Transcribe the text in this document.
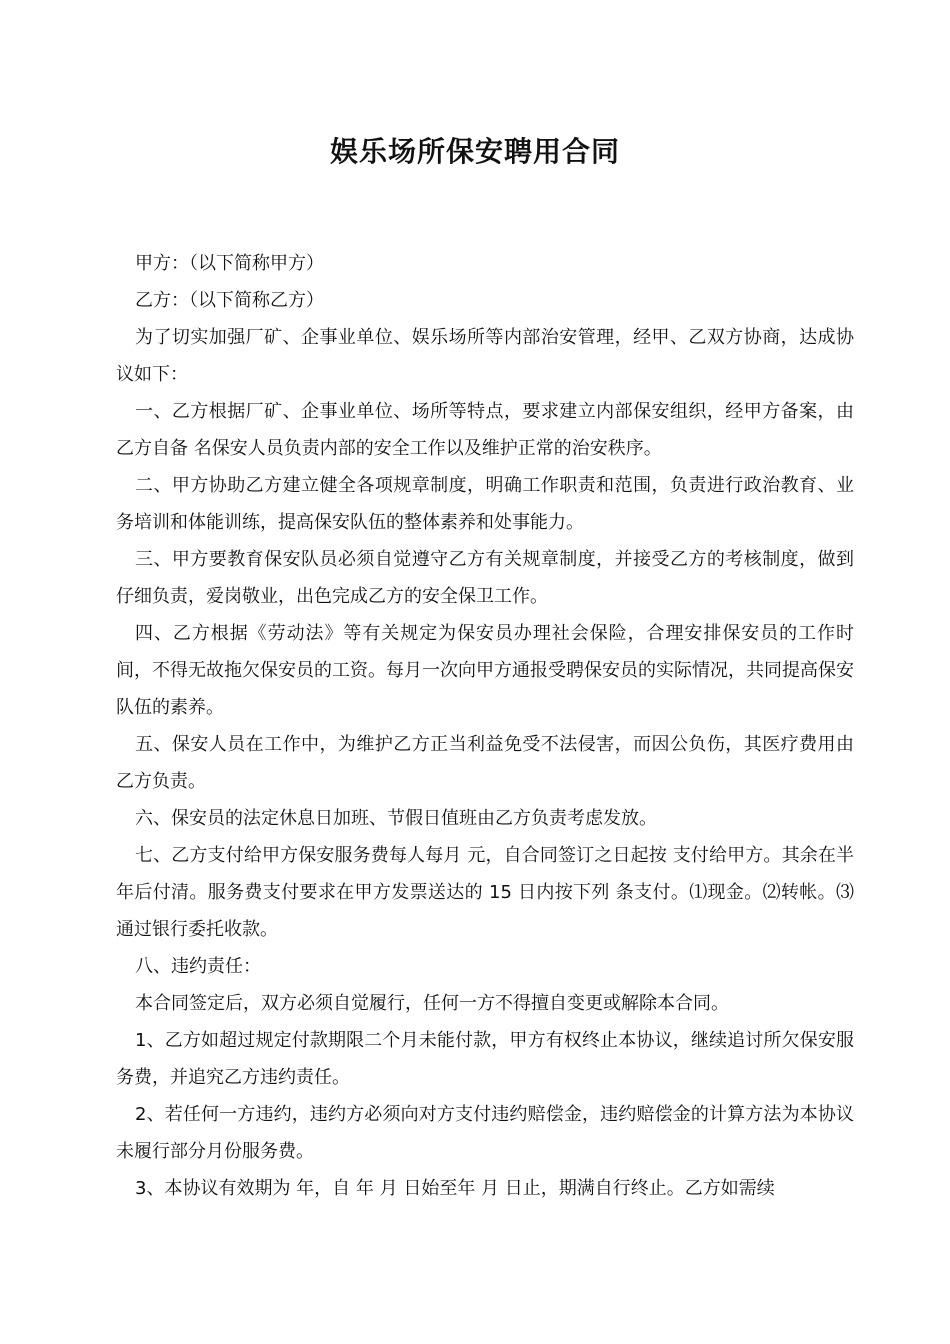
娱乐场所保安聘用合同

甲方：（以下简称甲方）

乙方：（以下简称乙方）

为了切实加强厂矿、企事业单位、娱乐场所等内部治安管理，经甲、乙双方协商，达成协议如下：

一、乙方根据厂矿、企事业单位、场所等特点，要求建立内部保安组织，经甲方备案，由乙方自备 名保安人员负责内部的安全工作以及维护正常的治安秩序。

二、甲方协助乙方建立健全各项规章制度，明确工作职责和范围，负责进行政治教育、业务培训和体能训练，提高保安队伍的整体素养和处事能力。

三、甲方要教育保安队员必须自觉遵守乙方有关规章制度，并接受乙方的考核制度，做到仔细负责，爱岗敬业，出色完成乙方的安全保卫工作。

四、乙方根据《劳动法》等有关规定为保安员办理社会保险，合理安排保安员的工作时间，不得无故拖欠保安员的工资。每月一次向甲方通报受聘保安员的实际情况，共同提高保安队伍的素养。

五、保安人员在工作中，为维护乙方正当利益免受不法侵害，而因公负伤，其医疗费用由乙方负责。

六、保安员的法定休息日加班、节假日值班由乙方负责考虑发放。

七、乙方支付给甲方保安服务费每人每月 元，自合同签订之日起按 支付给甲方。其余在半年后付清。服务费支付要求在甲方发票送达的 15 日内按下列 条支付。⑴现金。⑵转帐。⑶通过银行委托收款。

八、违约责任：

本合同签定后，双方必须自觉履行，任何一方不得擅自变更或解除本合同。

1、乙方如超过规定付款期限二个月未能付款，甲方有权终止本协议，继续追讨所欠保安服务费，并追究乙方违约责任。

2、若任何一方违约，违约方必须向对方支付违约赔偿金，违约赔偿金的计算方法为本协议未履行部分月份服务费。

3、本协议有效期为 年，自 年 月 日始至年 月 日止，期满自行终止。乙方如需续
